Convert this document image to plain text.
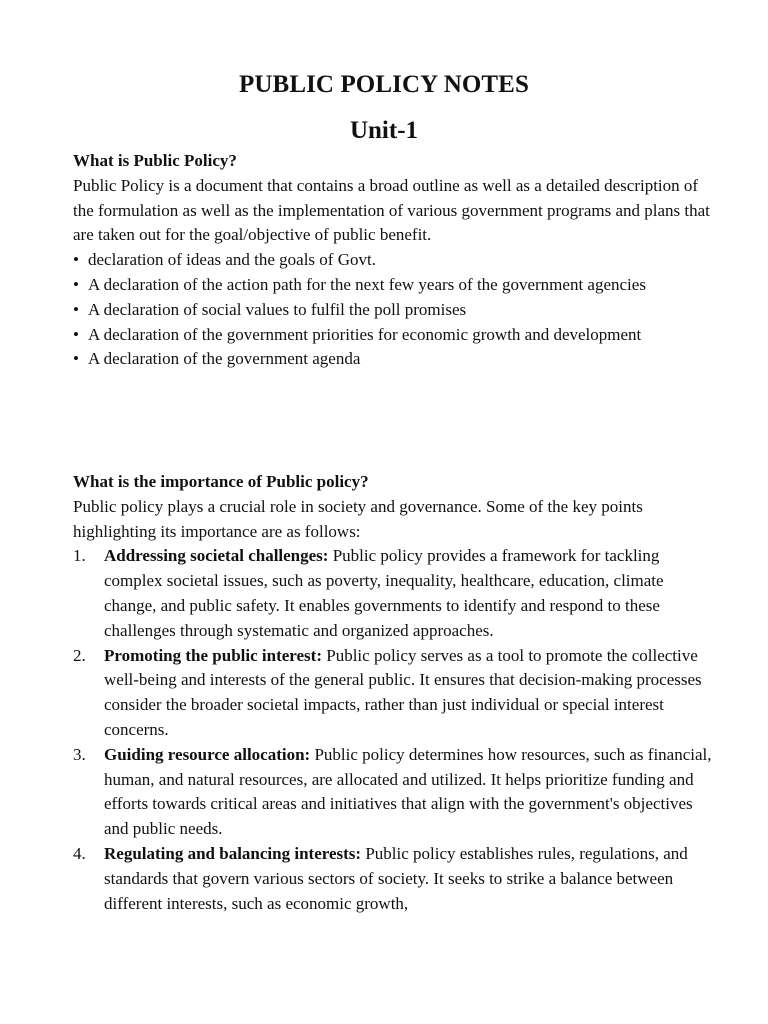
PUBLIC POLICY NOTES
Unit-1

What is Public Policy?

Public Policy is a document that contains a broad outline as well as a detailed description of the formulation as well as the implementation of various government programs and plans that are taken out for the goal/objective of public benefit.

• declaration of ideas and the goals of Govt.
• A declaration of the action path for the next few years of the government agencies
• A declaration of social values to fulfil the poll promises
• A declaration of the government priorities for economic growth and development
• A declaration of the government agenda

What is the importance of Public policy?

Public policy plays a crucial role in society and governance. Some of the key points highlighting its importance are as follows:

1. Addressing societal challenges: Public policy provides a framework for tackling complex societal issues, such as poverty, inequality, healthcare, education, climate change, and public safety. It enables governments to identify and respond to these challenges through systematic and organized approaches.
2. Promoting the public interest: Public policy serves as a tool to promote the collective well-being and interests of the general public. It ensures that decision-making processes consider the broader societal impacts, rather than just individual or special interest concerns.
3. Guiding resource allocation: Public policy determines how resources, such as financial, human, and natural resources, are allocated and utilized. It helps prioritize funding and efforts towards critical areas and initiatives that align with the government's objectives and public needs.
4. Regulating and balancing interests: Public policy establishes rules, regulations, and standards that govern various sectors of society. It seeks to strike a balance between different interests, such as economic growth,
